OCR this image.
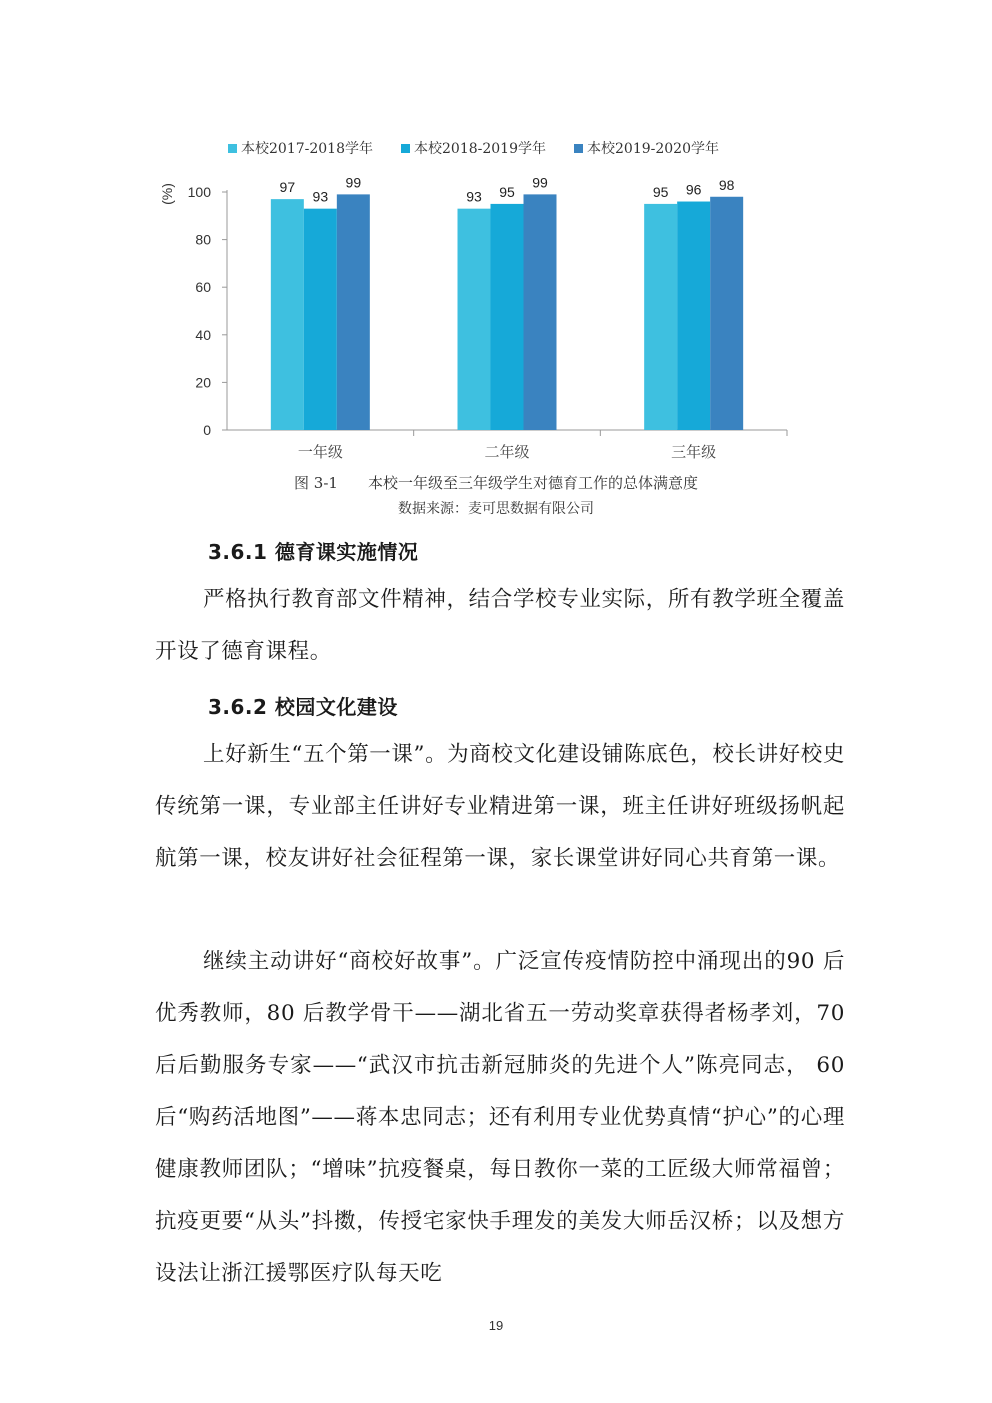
0
20
40
60
80
100
(%)	97
93
99
一年级
93 95
99
二年级
95 96 98
三年级
本校2017-2018学年	本校2018-2019学年	本校2019-2020学年
图 3-1　　本校一年级至三年级学生对德育工作的总体满意度
数据来源：麦可思数据有限公司
3.6.1 德育课实施情况

严格执行教育部文件精神，结合学校专业实际，所有教学班全覆盖开设了德育课程。

3.6.2 校园文化建设

上好新生“五个第一课”。为商校文化建设铺陈底色，校长讲好校史传统第一课，专业部主任讲好专业精进第一课，班主任讲好班级扬帆起航第一课，校友讲好社会征程第一课，家长课堂讲好同心共育第一课。

继续主动讲好“商校好故事”。广泛宣传疫情防控中涌现出的90 后优秀教师，80 后教学骨干——湖北省五一劳动奖章获得者杨孝刘，70 后后勤服务专家——“武汉市抗击新冠肺炎的先进个人”陈亮同志， 60 后“购药活地图”——蒋本忠同志；还有利用专业优势真情“护心”的心理健康教师团队；“增味”抗疫餐桌，每日教你一菜的工匠级大师常福曾；抗疫更要“从头”抖擞，传授宅家快手理发的美发大师岳汉桥；以及想方设法让浙江援鄂医疗队每天吃

19
